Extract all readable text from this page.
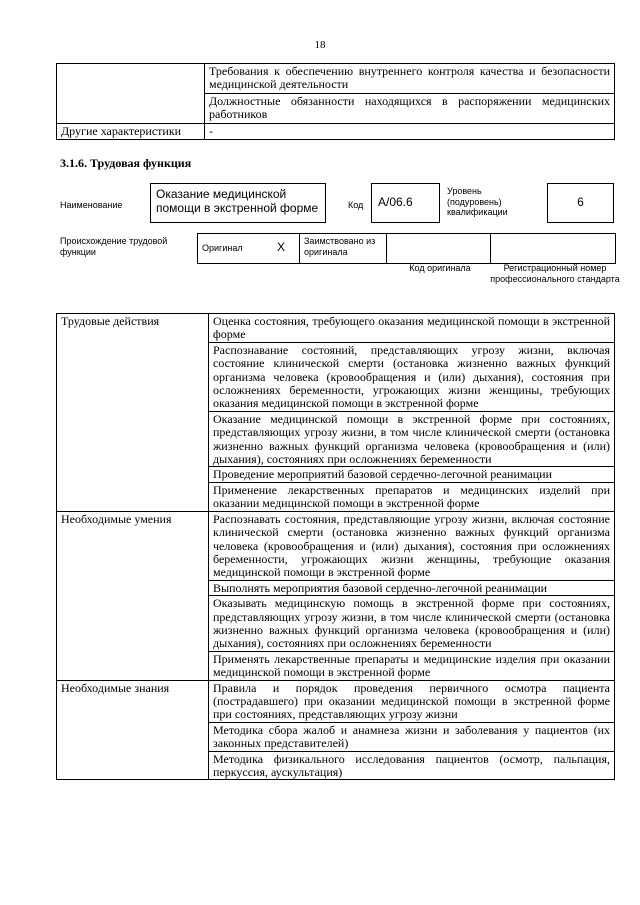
18
	Требования к обеспечению внутреннего контроля качества и безопасности медицинской деятельности
	Должностные обязанности находящихся в распоряжении медицинских работников
Другие характеристики	-
3.1.6. Трудовая функция
Наименование
Оказание медицинской помощи в экстренной форме	Код	A/06.6
Уровень (подуровень) квалификации
6
Происхождение трудовой функции	Оригинал	X	Заимствовано из оригинала		
Код оригинала	Регистрационный номер профессионального стандарта
Трудовые действия	Оценка состояния, требующего оказания медицинской помощи в экстренной форме
	Распознавание состояний, представляющих угрозу жизни, включая состояние клинической смерти (остановка жизненно важных функций организма человека (кровообращения и (или) дыхания), состояния при осложнениях беременности, угрожающих жизни женщины, требующих оказания медицинской помощи в экстренной форме
	Оказание медицинской помощи в экстренной форме при состояниях, представляющих угрозу жизни, в том числе клинической смерти (остановка жизненно важных функций организма человека (кровообращения и (или) дыхания), состояниях при осложнениях беременности
	Проведение мероприятий базовой сердечно-легочной реанимации
	Применение лекарственных препаратов и медицинских изделий при оказании медицинской помощи в экстренной форме
Необходимые умения	Распознавать состояния, представляющие угрозу жизни, включая состояние клинической смерти (остановка жизненно важных функций организма человека (кровообращения и (или) дыхания), состояния при осложнениях беременности, угрожающих жизни женщины, требующие оказания медицинской помощи в экстренной форме
	Выполнять мероприятия базовой сердечно-легочной реанимации
	Оказывать медицинскую помощь в экстренной форме при состояниях, представляющих угрозу жизни, в том числе клинической смерти (остановка жизненно важных функций организма человека (кровообращения и (или) дыхания), состояниях при осложнениях беременности
	Применять лекарственные препараты и медицинские изделия при оказании медицинской помощи в экстренной форме
Необходимые знания	Правила и порядок проведения первичного осмотра пациента (пострадавшего) при оказании медицинской помощи в экстренной форме при состояниях, представляющих угрозу жизни
	Методика сбора жалоб и анамнеза жизни и заболевания у пациентов (их законных представителей)
	Методика физикального исследования пациентов (осмотр, пальпация, перкуссия, аускультация)
